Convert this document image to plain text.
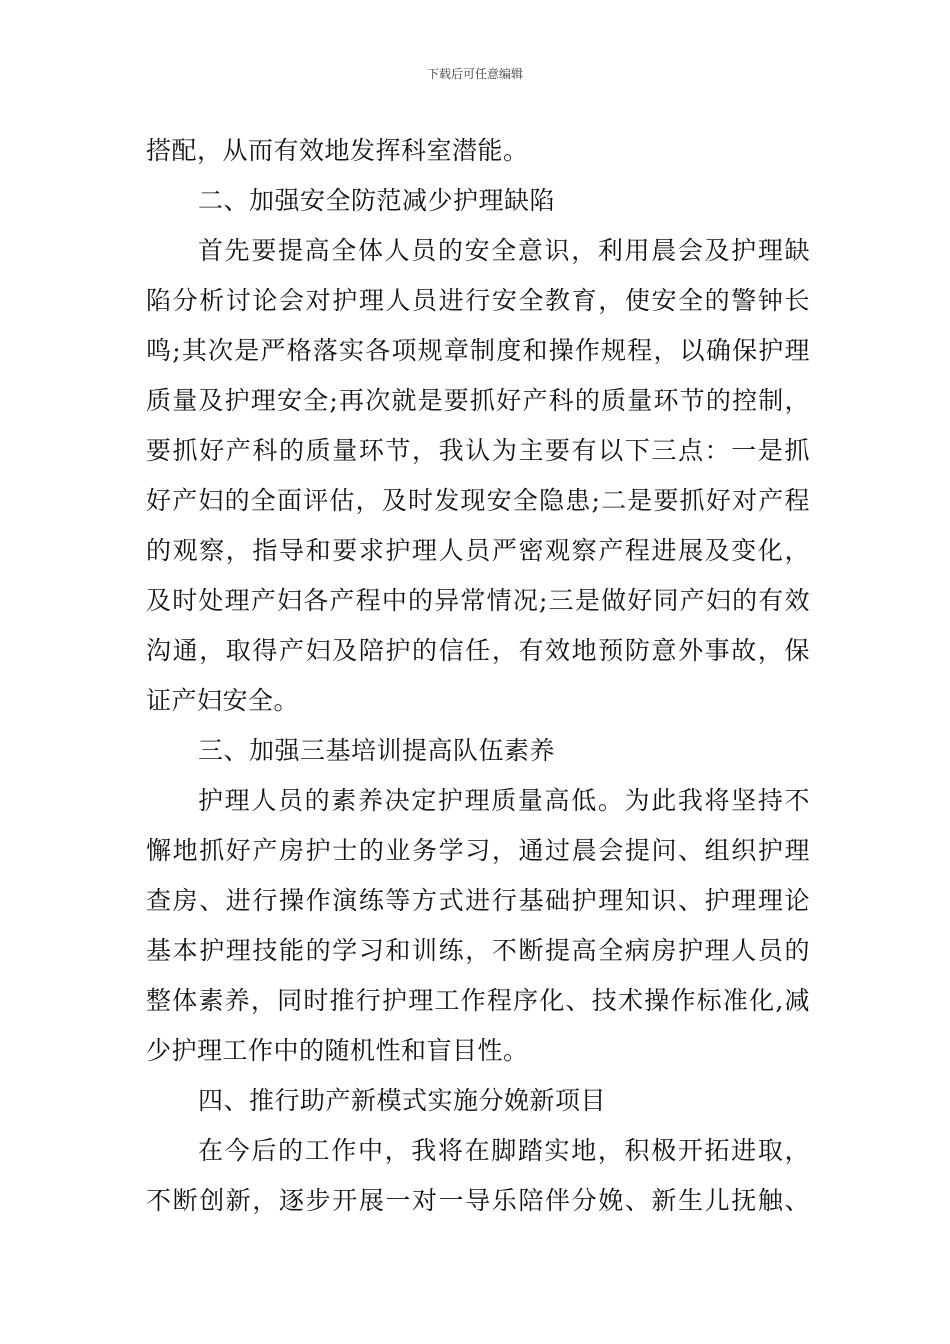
下载后可任意编辑
搭配，从而有效地发挥科室潜能。
二、加强安全防范减少护理缺陷
首先要提高全体人员的安全意识，利用晨会及护理缺
陷分析讨论会对护理人员进行安全教育，使安全的警钟长
鸣;其次是严格落实各项规章制度和操作规程，以确保护理
质量及护理安全;再次就是要抓好产科的质量环节的控制，
要抓好产科的质量环节，我认为主要有以下三点：一是抓
好产妇的全面评估，及时发现安全隐患;二是要抓好对产程
的观察，指导和要求护理人员严密观察产程进展及变化，
及时处理产妇各产程中的异常情况;三是做好同产妇的有效
沟通，取得产妇及陪护的信任，有效地预防意外事故，保
证产妇安全。
三、加强三基培训提高队伍素养
护理人员的素养决定护理质量高低。为此我将坚持不
懈地抓好产房护士的业务学习，通过晨会提问、组织护理
查房、进行操作演练等方式进行基础护理知识、护理理论
基本护理技能的学习和训练，不断提高全病房护理人员的
整体素养，同时推行护理工作程序化、技术操作标准化,减
少护理工作中的随机性和盲目性。
四、推行助产新模式实施分娩新项目
在今后的工作中，我将在脚踏实地，积极开拓进取，
不断创新，逐步开展一对一导乐陪伴分娩、新生儿抚触、
